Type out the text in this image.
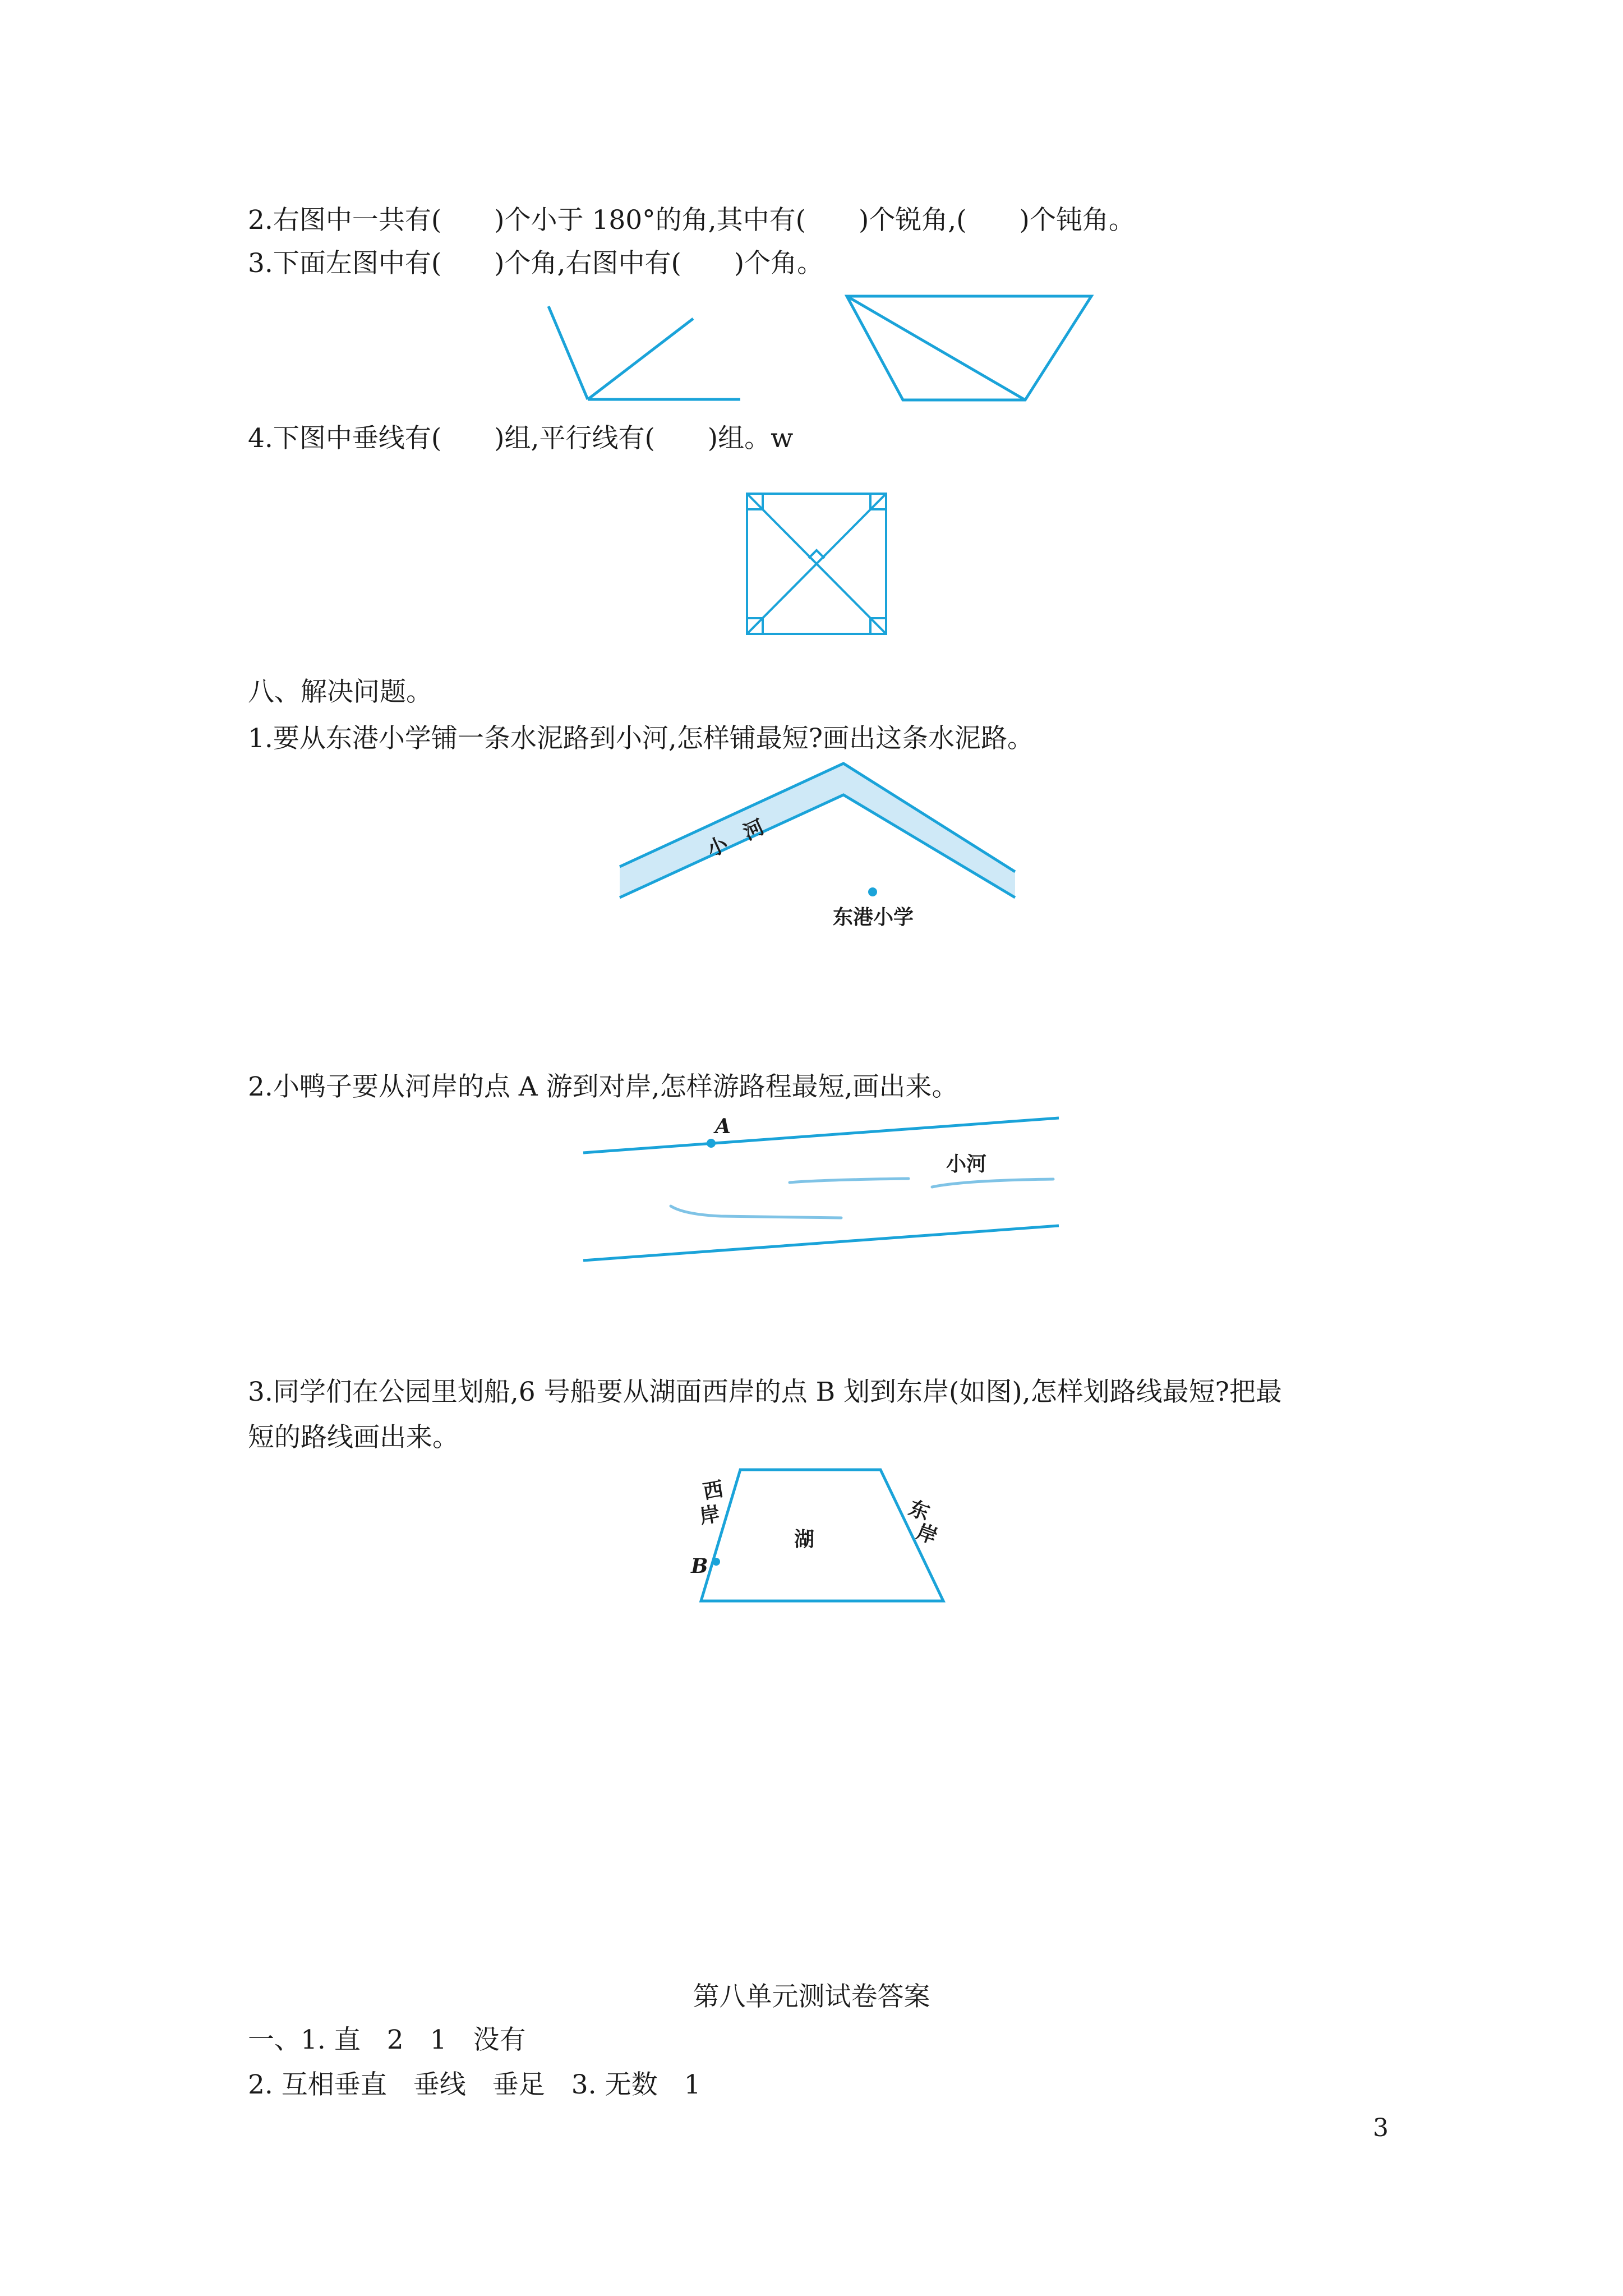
2.右图中一共有(　　)个小于 180°的角,其中有(　　)个锐角,(　　)个钝角。
3.下面左图中有(　　)个角,右图中有(　　)个角。
4.下图中垂线有(　　)组,平行线有(　　)组。w
八、解决问题。
1.要从东港小学铺一条水泥路到小河,怎样铺最短?画出这条水泥路。
小
河
东港小学
2.小鸭子要从河岸的点 A 游到对岸,怎样游路程最短,画出来。
A
小河
3.同学们在公园里划船,6 号船要从湖面西岸的点 B 划到东岸(如图),怎样划路线最短?把最
短的路线画出来。
西
岸	东
岸
湖
B
第八单元测试卷答案
一、1. 直　2　1　没有
2. 互相垂直　垂线　垂足　3. 无数　1
3
